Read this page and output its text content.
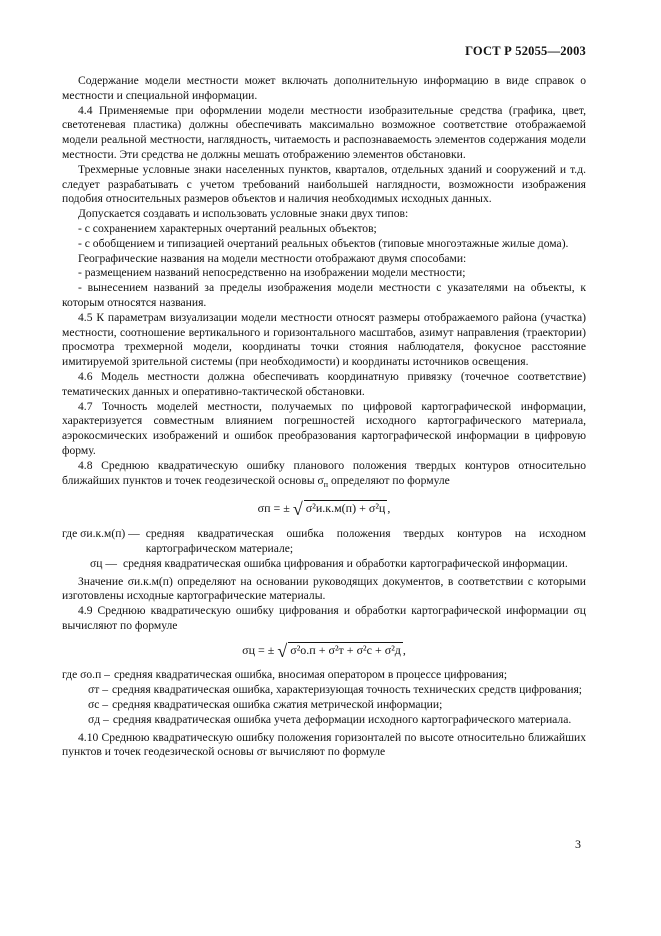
ГОСТ Р 52055—2003

Содержание модели местности может включать дополнительную информацию в виде справок о местности и специальной информации.

4.4 Применяемые при оформлении модели местности изобразительные средства (графика, цвет, светотеневая пластика) должны обеспечивать максимально возможное соответствие отображаемой модели реальной местности, наглядность, читаемость и распознаваемость элементов содержания модели местности. Эти средства не должны мешать отображению элементов обстановки.

Трехмерные условные знаки населенных пунктов, кварталов, отдельных зданий и сооружений и т.д. следует разрабатывать с учетом требований наибольшей наглядности, возможности изображения подобия относительных размеров объектов и наличия необходимых исходных данных.

Допускается создавать и использовать условные знаки двух типов:

- с сохранением характерных очертаний реальных объектов;

- с обобщением и типизацией очертаний реальных объектов (типовые многоэтажные жилые дома).

Географические названия на модели местности отображают двумя способами:

- размещением названий непосредственно на изображении модели местности;

- вынесением названий за пределы изображения модели местности с указателями на объекты, к которым относятся названия.

4.5 К параметрам визуализации модели местности относят размеры отображаемого района (участка) местности, соотношение вертикального и горизонтального масштабов, азимут направления (траектории) просмотра трехмерной модели, координаты точки стояния наблюдателя, фокусное расстояние имитируемой зрительной системы (при необходимости) и координаты источников освещения.

4.6 Модель местности должна обеспечивать координатную привязку (точечное соответствие) тематических данных и оперативно-тактической обстановки.

4.7 Точность моделей местности, получаемых по цифровой картографической информации, характеризуется совместным влиянием погрешностей исходного картографического материала, аэрокосмических изображений и ошибок преобразования картографической информации в цифровую форму.

4.8 Среднюю квадратическую ошибку планового положения твердых контуров относительно ближайших пунктов и точек геодезической основы $\sigma_п$ определяют по формуле

σп = ± √ σ²и.к.м(п) + σ²ц ,
где σи.к.м(п) — средняя квадратическая ошибка положения твердых контуров на исходном картографическом материале;
σц — средняя квадратическая ошибка цифрования и обработки картографической информации.

Значение σи.к.м(п) определяют на основании руководящих документов, в соответствии с которыми изготовлены исходные картографические материалы.

4.9 Среднюю квадратическую ошибку цифрования и обработки картографической информации σц вычисляют по формуле

σц = ± √ σ²о.п + σ²т + σ²с + σ²д ,
где σо.п – средняя квадратическая ошибка, вносимая оператором в процессе цифрования;
σт – средняя квадратическая ошибка, характеризующая точность технических средств цифрования;
σс – средняя квадратическая ошибка сжатия метрической информации;
σд – средняя квадратическая ошибка учета деформации исходного картографического материала.

4.10 Среднюю квадратическую ошибку положения горизонталей по высоте относительно ближайших пунктов и точек геодезической основы σr вычисляют по формуле

3
